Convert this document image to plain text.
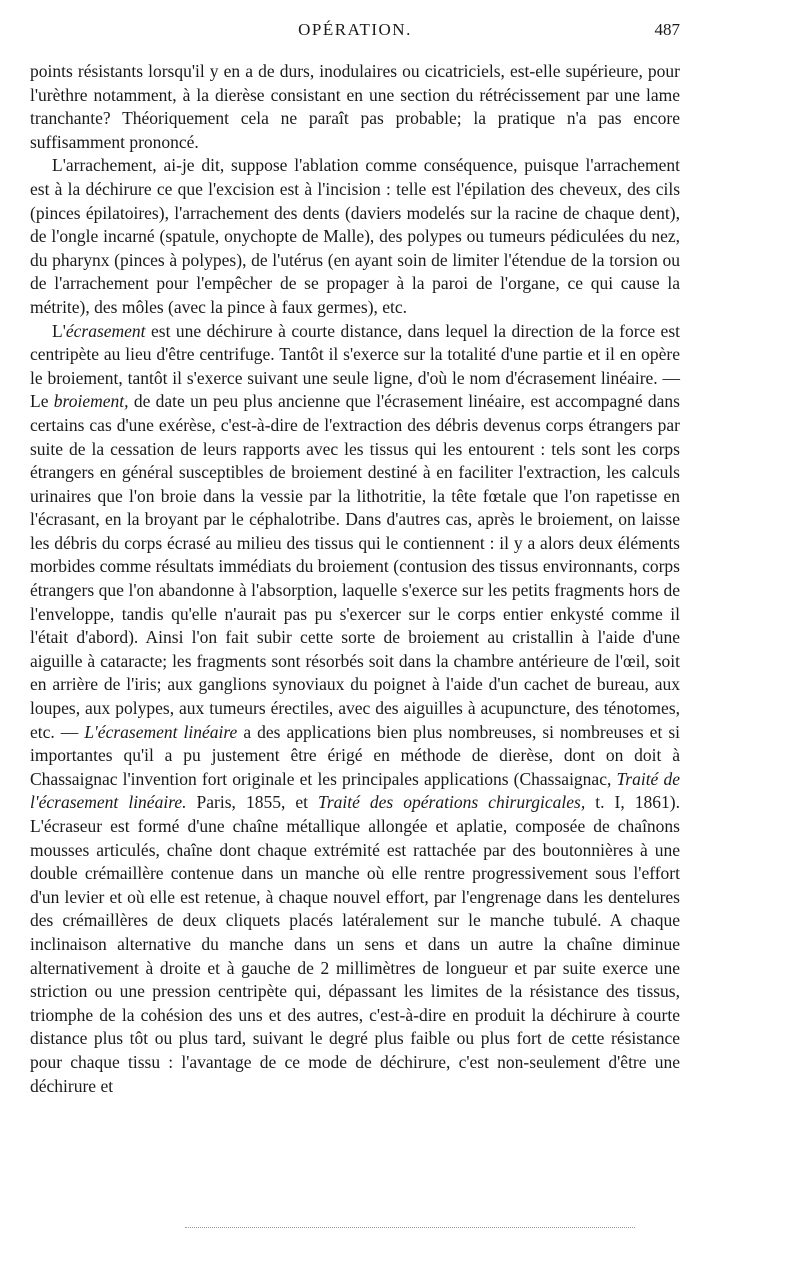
OPÉRATION.	487

points résistants lorsqu'il y en a de durs, inodulaires ou cicatriciels, est-elle supérieure, pour l'urèthre notamment, à la dierèse consistant en une section du rétrécissement par une lame tranchante? Théoriquement cela ne paraît pas probable; la pratique n'a pas encore suffisamment prononcé.

L'arrachement, ai-je dit, suppose l'ablation comme conséquence, puisque l'arrachement est à la déchirure ce que l'excision est à l'incision : telle est l'épilation des cheveux, des cils (pinces épilatoires), l'arrachement des dents (daviers modelés sur la racine de chaque dent), de l'ongle incarné (spatule, onychopte de Malle), des polypes ou tumeurs pédiculées du nez, du pharynx (pinces à polypes), de l'utérus (en ayant soin de limiter l'étendue de la torsion ou de l'arrachement pour l'empêcher de se propager à la paroi de l'organe, ce qui cause la métrite), des môles (avec la pince à faux germes), etc.

L'écrasement est une déchirure à courte distance, dans lequel la direction de la force est centripète au lieu d'être centrifuge. Tantôt il s'exerce sur la totalité d'une partie et il en opère le broiement, tantôt il s'exerce suivant une seule ligne, d'où le nom d'écrasement linéaire. — Le broiement, de date un peu plus ancienne que l'écrasement linéaire, est accompagné dans certains cas d'une exérèse, c'est-à-dire de l'extraction des débris devenus corps étrangers par suite de la cessation de leurs rapports avec les tissus qui les entourent : tels sont les corps étrangers en général susceptibles de broiement destiné à en faciliter l'extraction, les calculs urinaires que l'on broie dans la vessie par la lithotritie, la tête fœtale que l'on rapetisse en l'écrasant, en la broyant par le céphalotribe. Dans d'autres cas, après le broiement, on laisse les débris du corps écrasé au milieu des tissus qui le contiennent : il y a alors deux éléments morbides comme résultats immédiats du broiement (contusion des tissus environnants, corps étrangers que l'on abandonne à l'absorption, laquelle s'exerce sur les petits fragments hors de l'enveloppe, tandis qu'elle n'aurait pas pu s'exercer sur le corps entier enkysté comme il l'était d'abord). Ainsi l'on fait subir cette sorte de broiement au cristallin à l'aide d'une aiguille à cataracte; les fragments sont résorbés soit dans la chambre antérieure de l'œil, soit en arrière de l'iris; aux ganglions synoviaux du poignet à l'aide d'un cachet de bureau, aux loupes, aux polypes, aux tumeurs érectiles, avec des aiguilles à acupuncture, des ténotomes, etc. — L'écrasement linéaire a des applications bien plus nombreuses, si nombreuses et si importantes qu'il a pu justement être érigé en méthode de dierèse, dont on doit à Chassaignac l'invention fort originale et les principales applications (Chassaignac, Traité de l'écrasement linéaire. Paris, 1855, et Traité des opérations chirurgicales, t. I, 1861). L'écraseur est formé d'une chaîne métallique allongée et aplatie, composée de chaînons mousses articulés, chaîne dont chaque extrémité est rattachée par des boutonnières à une double crémaillère contenue dans un manche où elle rentre progressivement sous l'effort d'un levier et où elle est retenue, à chaque nouvel effort, par l'engrenage dans les dentelures des crémaillères de deux cliquets placés latéralement sur le manche tubulé. A chaque inclinaison alternative du manche dans un sens et dans un autre la chaîne diminue alternativement à droite et à gauche de 2 millimètres de longueur et par suite exerce une striction ou une pression centripète qui, dépassant les limites de la résistance des tissus, triomphe de la cohésion des uns et des autres, c'est-à-dire en produit la déchirure à courte distance plus tôt ou plus tard, suivant le degré plus faible ou plus fort de cette résistance pour chaque tissu : l'avantage de ce mode de déchirure, c'est non-seulement d'être une déchirure et
